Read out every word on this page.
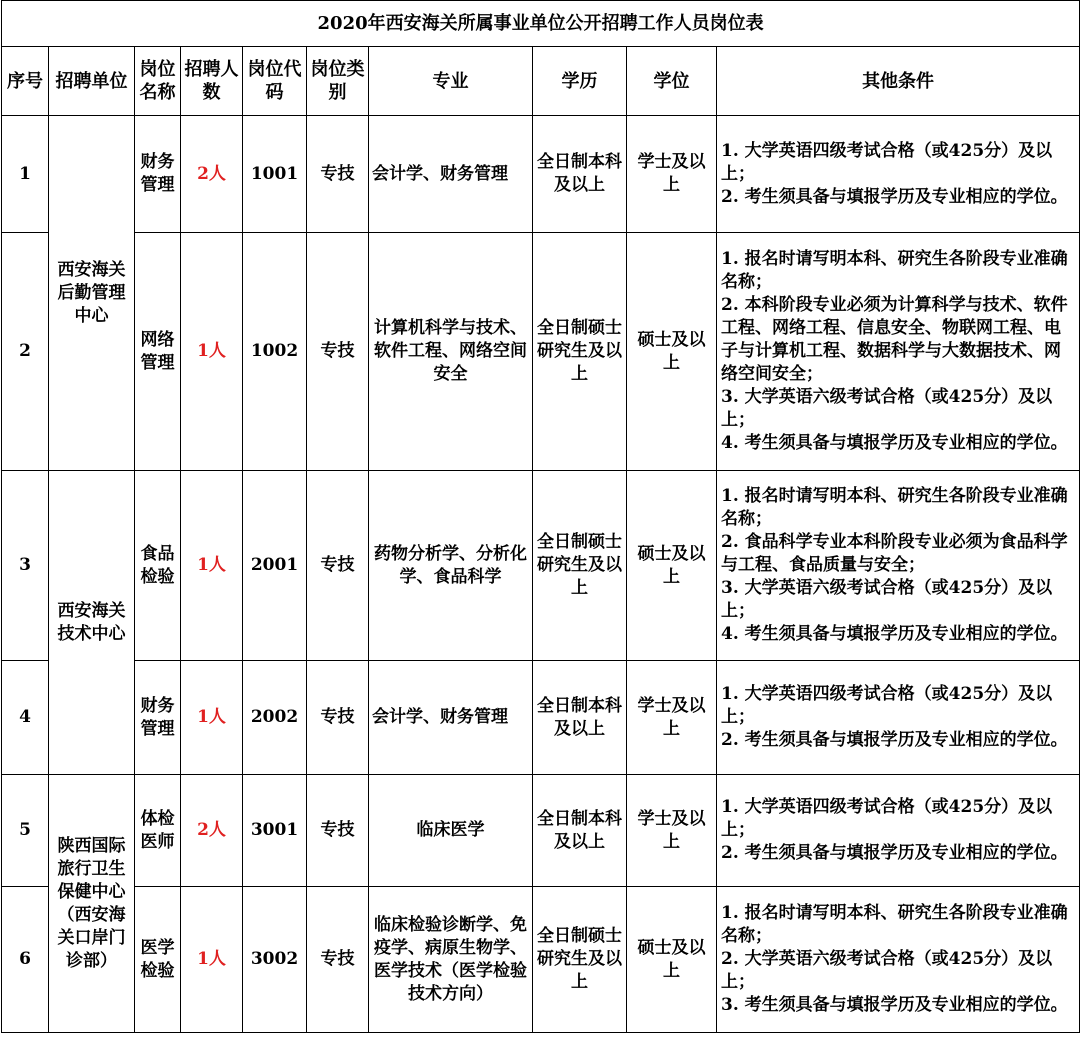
2020年西安海关所属事业单位公开招聘工作人员岗位表									
序号	招聘单位	岗位名称	招聘人数	岗位代码	岗位类别	专业	学历	学位	其他条件
1	西安海关后勤管理中心	财务管理	2人	1001	专技	会计学、财务管理	全日制本科及以上	学士及以上	1. 大学英语四级考试合格（或425分）及以上；
2. 考生须具备与填报学历及专业相应的学位。

2		网络管理	1人	1002	专技	计算机科学与技术、软件工程、网络空间安全	全日制硕士研究生及以上	硕士及以上	1. 报名时请写明本科、研究生各阶段专业准确名称；
2. 本科阶段专业必须为计算科学与技术、软件工程、网络工程、信息安全、物联网工程、电子与计算机工程、数据科学与大数据技术、网络空间安全；
3. 大学英语六级考试合格（或425分）及以上；
4. 考生须具备与填报学历及专业相应的学位。

3	西安海关技术中心	食品检验	1人	2001	专技	药物分析学、分析化学、食品科学	全日制硕士研究生及以上	硕士及以上	1. 报名时请写明本科、研究生各阶段专业准确名称；
2. 食品科学专业本科阶段专业必须为食品科学与工程、食品质量与安全；
3. 大学英语六级考试合格（或425分）及以上；
4. 考生须具备与填报学历及专业相应的学位。

4		财务管理	1人	2002	专技	会计学、财务管理	全日制本科及以上	学士及以上	1. 大学英语四级考试合格（或425分）及以上；
2. 考生须具备与填报学历及专业相应的学位。

5	陕西国际旅行卫生保健中心（西安海关口岸门诊部）	体检医师	2人	3001	专技	临床医学	全日制本科及以上	学士及以上	1. 大学英语四级考试合格（或425分）及以上；
2. 考生须具备与填报学历及专业相应的学位。

6		医学检验	1人	3002	专技	临床检验诊断学、免疫学、病原生物学、医学技术（医学检验技术方向）	全日制硕士研究生及以上	硕士及以上	1. 报名时请写明本科、研究生各阶段专业准确名称；
2. 大学英语六级考试合格（或425分）及以上；
3. 考生须具备与填报学历及专业相应的学位。
